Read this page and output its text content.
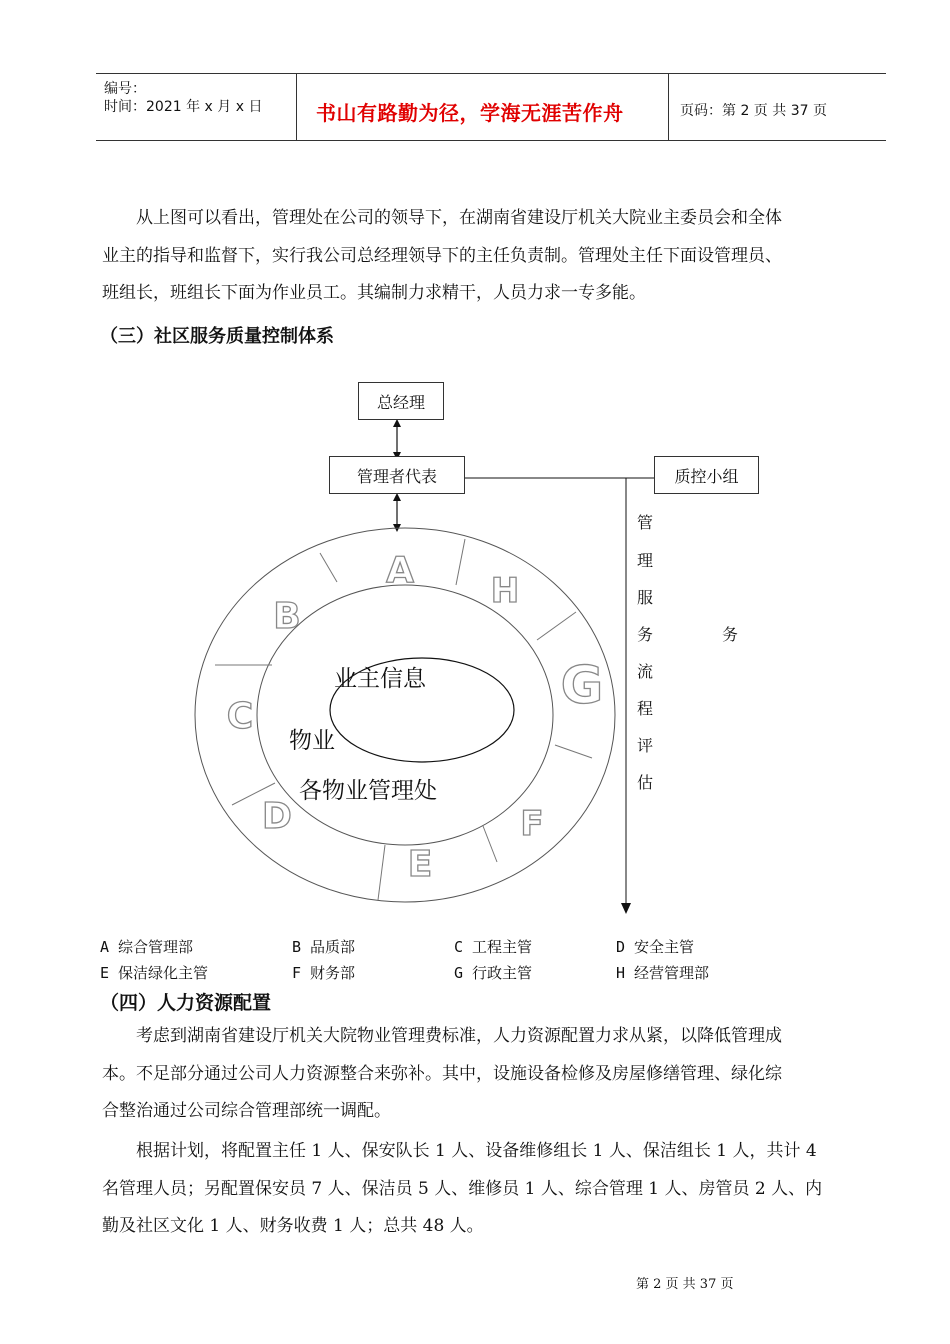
编号：
时间：2021 年 x 月 x 日	书山有路勤为径，学海无涯苦作舟	页码：第 2 页 共 37 页
从上图可以看出，管理处在公司的领导下，在湖南省建设厅机关大院业主委员会和全体
业主的指导和监督下，实行我公司总经理领导下的主任负责制。管理处主任下面设管理员、
班组长，班组长下面为作业员工。其编制力求精干，人员力求一专多能。
（三）社区服务质量控制体系
A H
G
F
E
D
C
B
总经理
管理者代表	质控小组
业主信息
物业
各物业管理处
管
理
服
务
流
程
评
估
务
A 综合管理部	B 品质部	C 工程主管	D 安全主管
E 保洁绿化主管	F 财务部	G 行政主管	H 经营管理部
（四）人力资源配置
考虑到湖南省建设厅机关大院物业管理费标准，人力资源配置力求从紧，以降低管理成
本。不足部分通过公司人力资源整合来弥补。其中，设施设备检修及房屋修缮管理、绿化综
合整治通过公司综合管理部统一调配。
根据计划，将配置主任 1 人、保安队长 1 人、设备维修组长 1 人、保洁组长 1 人，共计 4
名管理人员；另配置保安员 7 人、保洁员 5 人、维修员 1 人、综合管理 1 人、房管员 2 人、内
勤及社区文化 1 人、财务收费 1 人；总共 48 人。
第 2 页 共 37 页
